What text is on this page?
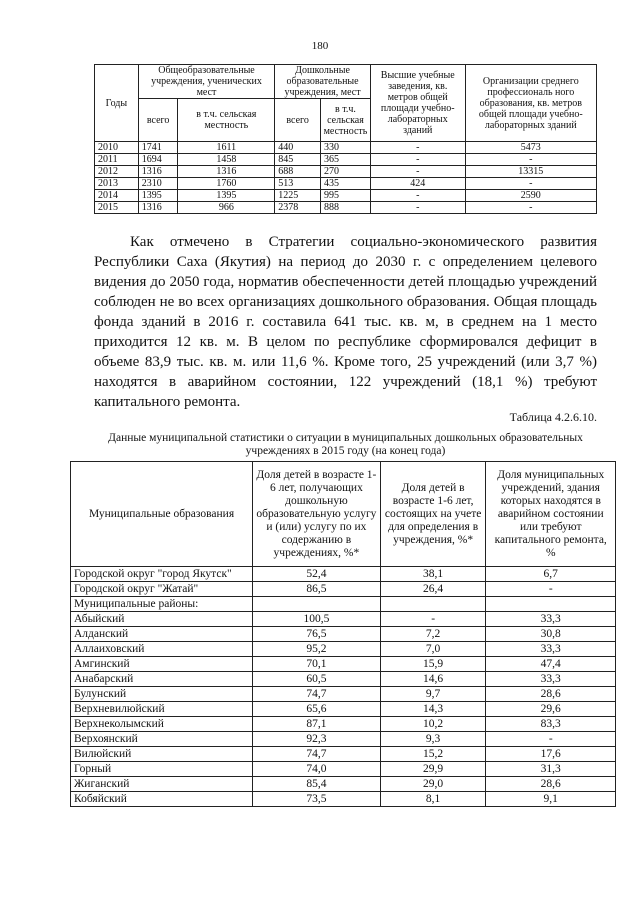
180
Годы	Общеобразовательные учреждения, ученических мест		Дошкольные образовательные учреждения, мест		Высшие учебные заведения, кв. метров общей площади учебно-лабораторных зданий	Организации среднего профессиональ ного образования, кв. метров общей площади учебно-лабораторных зданий
	всего	в т.ч. сельская местность	всего	в т.ч. сельская местность		
2010	1741	1611	440	330	-	5473
2011	1694	1458	845	365	-	-
2012	1316	1316	688	270	-	13315
2013	2310	1760	513	435	424	-
2014	1395	1395	1225	995	-	2590
2015	1316	966	2378	888	-	-

Как отмечено в Стратегии социально-экономического развития Республики Саха (Якутия) на период до 2030 г. с определением целевого видения до 2050 года, норматив обеспеченности детей площадью учреждений соблюден не во всех организациях дошкольного образования. Общая площадь фонда зданий в 2016 г. составила 641 тыс. кв. м, в среднем на 1 место приходится 12 кв. м. В целом по республике сформировался дефицит в объеме 83,9 тыс. кв. м. или 11,6 %. Кроме того, 25 учреждений (или 3,7 %) находятся в аварийном состоянии, 122 учреждений (18,1 %) требуют капитального ремонта.

Таблица 4.2.6.10.

Данные муниципальной статистики о ситуации в муниципальных дошкольных образовательных учреждениях в 2015 году (на конец года)

Муниципальные образования	Доля детей в возрасте 1-6 лет, получающих дошкольную образовательную услугу и (или) услугу по их содержанию в учреждениях, %*	Доля детей в возрасте 1-6 лет, состоящих на учете для определения в учреждения, %*	Доля муниципальных учреждений, здания которых находятся в аварийном состоянии или требуют капитального ремонта, %
Городской округ "город Якутск"	52,4	38,1	6,7
Городской округ "Жатай"	86,5	26,4	-
Муниципальные районы:			
Абыйский	100,5	-	33,3
Алданский	76,5	7,2	30,8
Аллаиховский	95,2	7,0	33,3
Амгинский	70,1	15,9	47,4
Анабарский	60,5	14,6	33,3
Булунский	74,7	9,7	28,6
Верхневилюйский	65,6	14,3	29,6
Верхнеколымский	87,1	10,2	83,3
Верхоянский	92,3	9,3	-
Вилюйский	74,7	15,2	17,6
Горный	74,0	29,9	31,3
Жиганский	85,4	29,0	28,6
Кобяйский	73,5	8,1	9,1
